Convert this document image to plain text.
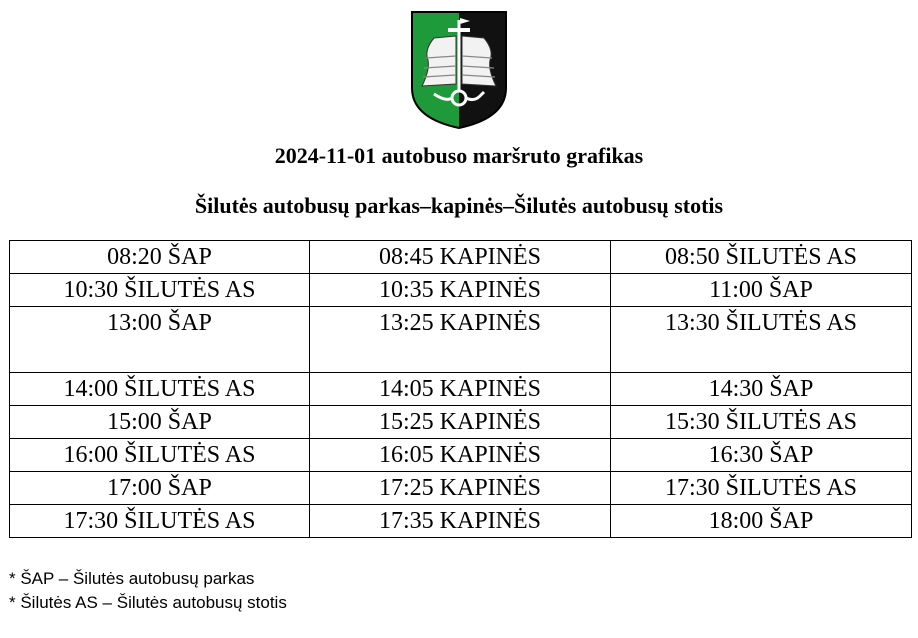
2024-11-01 autobuso maršruto grafikas
Šilutės autobusų parkas–kapinės–Šilutės autobusų stotis
08:20 ŠAP	08:45 KAPINĖS	08:50 ŠILUTĖS AS
10:30 ŠILUTĖS AS	10:35 KAPINĖS	11:00 ŠAP
13:00 ŠAP	13:25 KAPINĖS	13:30 ŠILUTĖS AS
14:00 ŠILUTĖS AS	14:05 KAPINĖS	14:30 ŠAP
15:00 ŠAP	15:25 KAPINĖS	15:30 ŠILUTĖS AS
16:00 ŠILUTĖS AS	16:05 KAPINĖS	16:30 ŠAP
17:00 ŠAP	17:25 KAPINĖS	17:30 ŠILUTĖS AS
17:30 ŠILUTĖS AS	17:35 KAPINĖS	18:00 ŠAP
* ŠAP – Šilutės autobusų parkas
* Šilutės AS – Šilutės autobusų stotis
